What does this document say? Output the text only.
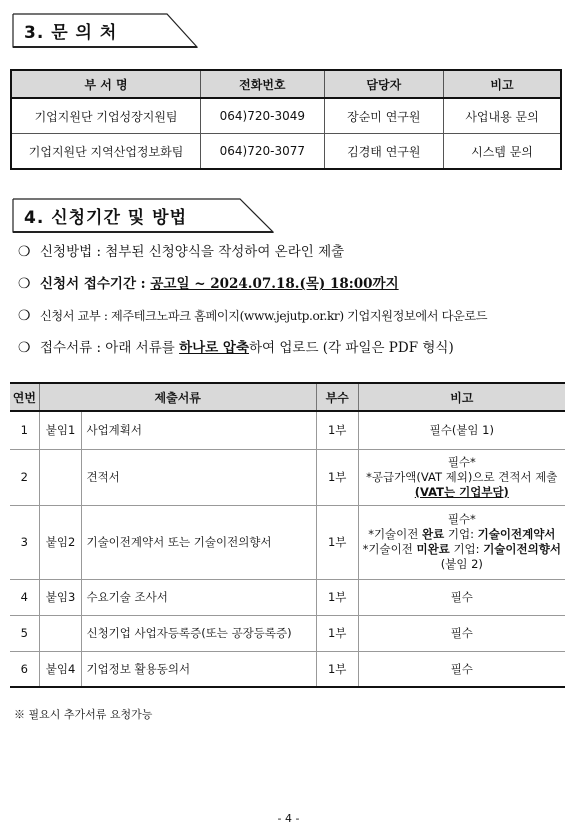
3. 문 의 처
부 서 명	전화번호	담당자	비고
기업지원단 기업성장지원팀	064)720-3049	장순미 연구원	사업내용 문의
기업지원단 지역산업정보화팀	064)720-3077	김경태 연구원	시스템 문의
4. 신청기간 및 방법
❍ 신청방법 : 첨부된 신청양식을 작성하여 온라인 제출
❍ 신청서 접수기간 : 공고일 ~ 2024.07.18.(목) 18:00까지
❍ 신청서 교부 : 제주테크노파크 홈페이지(www.jejutp.or.kr) 기업지원정보에서 다운로드
❍ 접수서류 : 아래 서류를 하나로 압축하여 업로드 (각 파일은 PDF 형식)
연번	제출서류		부수	비고
1	붙임1	사업계획서	1부	필수(붙임 1)
2		견적서	1부	필수*
*공급가액(VAT 제외)으로 견적서 제출
(VAT는 기업부담)

3	붙임2	기술이전계약서 또는 기술이전의향서	1부	필수*
*기술이전 완료 기업: 기술이전계약서
*기술이전 미완료 기업: 기술이전의향서
(붙임 2)

4	붙임3	수요기술 조사서	1부	필수
5		신청기업 사업자등록증(또는 공장등록증)	1부	필수
6	붙임4	기업정보 활용동의서	1부	필수
※ 필요시 추가서류 요청가능
- 4 -
